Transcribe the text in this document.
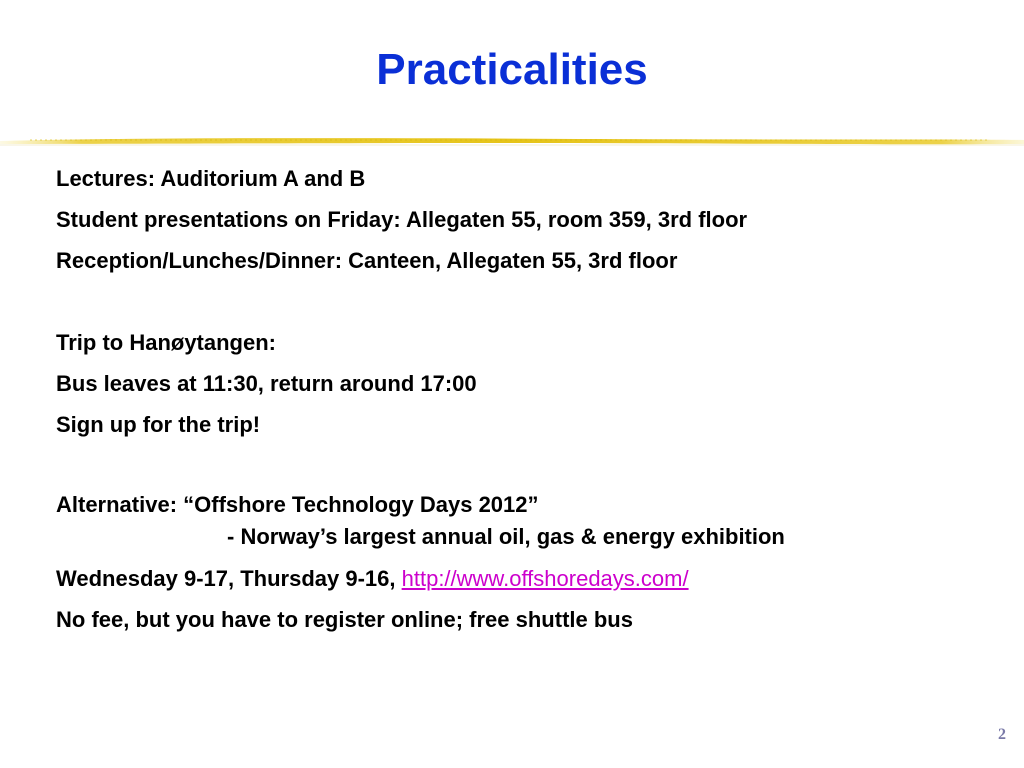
Practicalities
Lectures: Auditorium A and B
Student presentations on Friday: Allegaten 55, room 359, 3rd floor
Reception/Lunches/Dinner: Canteen, Allegaten 55, 3rd floor
Trip to Hanøytangen:
Bus leaves at 11:30, return around 17:00
Sign up for the trip!
Alternative: “Offshore Technology Days 2012”
- Norway’s largest annual oil, gas & energy exhibition
Wednesday 9-17, Thursday 9-16, http://www.offshoredays.com/
No fee, but you have to register online; free shuttle bus
2
